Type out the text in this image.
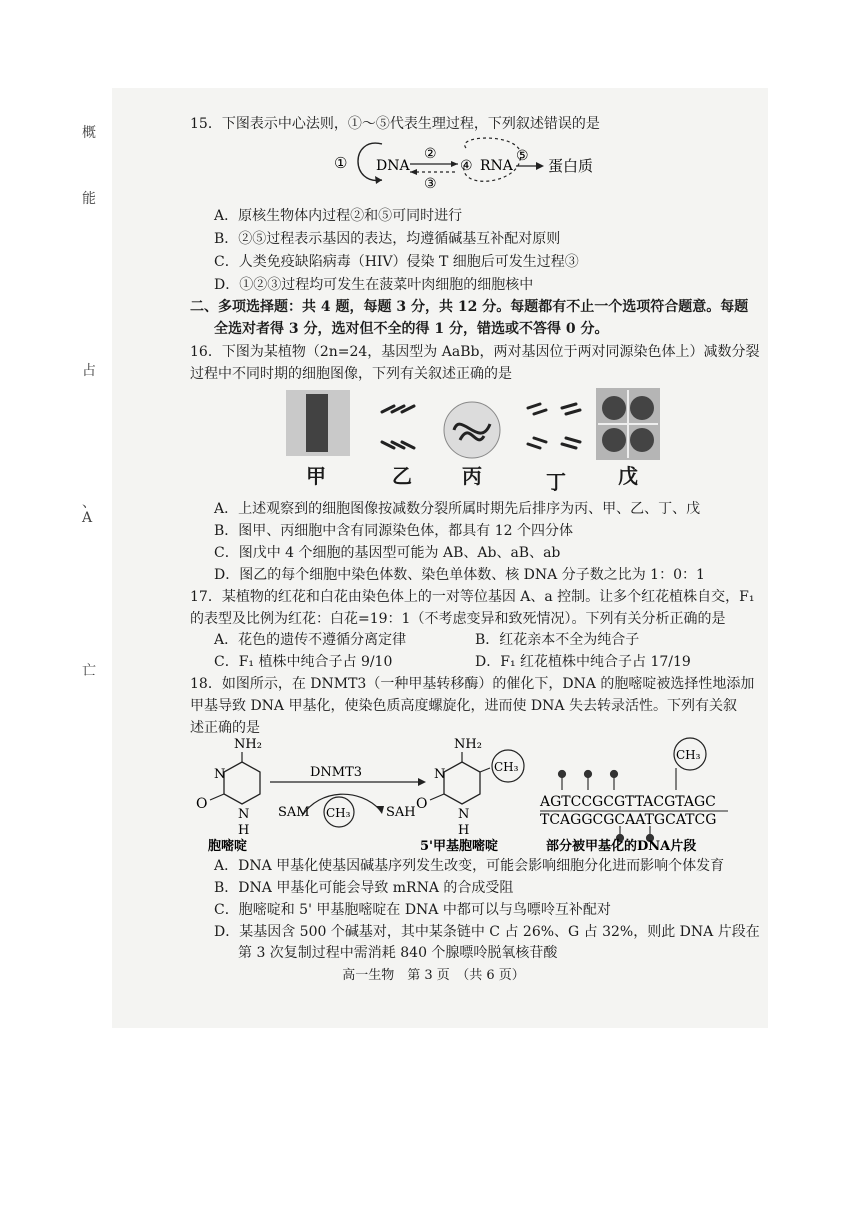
概
能
占
、
A
亡
15．下图表示中心法则，①～⑤代表生理过程，下列叙述错误的是
① DNA
②
③
④ RNA
⑤
蛋白质
A．原核生物体内过程②和⑤可同时进行
B．②⑤过程表示基因的表达，均遵循碱基互补配对原则
C．人类免疫缺陷病毒（HIV）侵染 T 细胞后可发生过程③
D．①②③过程均可发生在菠菜叶肉细胞的细胞核中
二、多项选择题：共 4 题，每题 3 分，共 12 分。每题都有不止一个选项符合题意。每题
全选对者得 3 分，选对但不全的得 1 分，错选或不答得 0 分。
16．下图为某植物（2n=24，基因型为 AaBb，两对基因位于两对同源染色体上）减数分裂
过程中不同时期的细胞图像，下列有关叙述正确的是
甲	乙	丙	丁	戊
A．上述观察到的细胞图像按减数分裂所属时期先后排序为丙、甲、乙、丁、戊
B．图甲、丙细胞中含有同源染色体，都具有 12 个四分体
C．图戊中 4 个细胞的基因型可能为 AB、Ab、aB、ab
D．图乙的每个细胞中染色体数、染色单体数、核 DNA 分子数之比为 1：0：1
17．某植物的红花和白花由染色体上的一对等位基因 A、a 控制。让多个红花植株自交，F₁
的表型及比例为红花：白花=19：1（不考虑变异和致死情况）。下列有关分析正确的是
A．花色的遗传不遵循分离定律	B．红花亲本不全为纯合子
C．F₁ 植株中纯合子占 9/10	D．F₁ 红花植株中纯合子占 17/19
18．如图所示，在 DNMT3（一种甲基转移酶）的催化下，DNA 的胞嘧啶被选择性地添加
甲基导致 DNA 甲基化，使染色质高度螺旋化，进而使 DNA 失去转录活性。下列有关叙
述正确的是
NH₂
N
N
O
H
胞嘧啶
DNMT3
SAM CH₃	SAH
NH₂
N
N
O
H
CH₃
5'甲基胞嘧啶
CH₃
AGTCCGCGTTACGTAGC
TCAGGCGCAATGCATCG
部分被甲基化的DNA片段
A．DNA 甲基化使基因碱基序列发生改变，可能会影响细胞分化进而影响个体发育
B．DNA 甲基化可能会导致 mRNA 的合成受阻
C．胞嘧啶和 5' 甲基胞嘧啶在 DNA 中都可以与鸟嘌呤互补配对
D．某基因含 500 个碱基对，其中某条链中 C 占 26%、G 占 32%，则此 DNA 片段在
第 3 次复制过程中需消耗 840 个腺嘌呤脱氧核苷酸
高一生物　第 3 页　（共 6 页）
